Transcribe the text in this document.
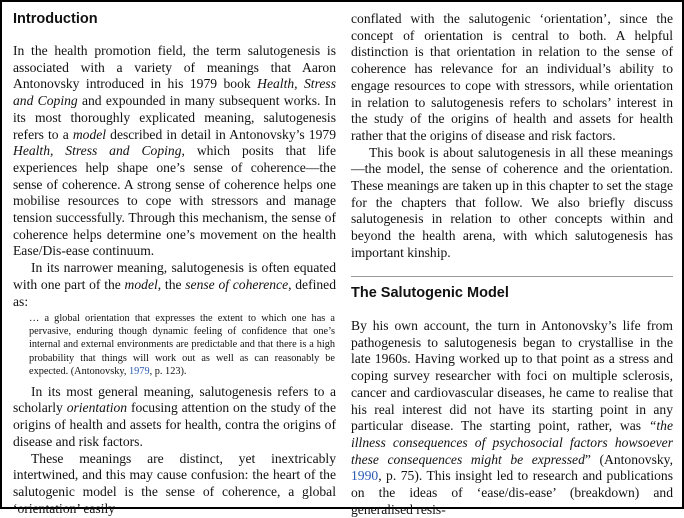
Introduction

In the health promotion field, the term salutogenesis is associated with a variety of meanings that Aaron Antonovsky introduced in his 1979 book Health, Stress and Coping and expounded in many subsequent works. In its most thoroughly explicated meaning, salutogenesis refers to a model described in detail in Antonovsky’s 1979 Health, Stress and Coping, which posits that life experiences help shape one’s sense of coherence—the sense of coherence. A strong sense of coherence helps one mobilise resources to cope with stressors and manage tension successfully. Through this mechanism, the sense of coherence helps determine one’s movement on the health Ease/Dis-ease continuum.

In its narrower meaning, salutogenesis is often equated with one part of the model, the sense of coherence, defined as:

… a global orientation that expresses the extent to which one has a pervasive, enduring though dynamic feeling of confidence that one’s internal and external environments are predictable and that there is a high probability that things will work out as well as can reasonably be expected. (Antonovsky, 1979, p. 123).

In its most general meaning, salutogenesis refers to a scholarly orientation focusing attention on the study of the origins of health and assets for health, contra the origins of disease and risk factors.

These meanings are distinct, yet inextricably intertwined, and this may cause confusion: the heart of the salutogenic model is the sense of coherence, a global ‘orientation’ easily

conflated with the salutogenic ‘orientation’, since the concept of orientation is central to both. A helpful distinction is that orientation in relation to the sense of coherence has relevance for an individual’s ability to engage resources to cope with stressors, while orientation in relation to salutogenesis refers to scholars’ interest in the study of the origins of health and assets for health rather that the origins of disease and risk factors.

This book is about salutogenesis in all these meanings—the model, the sense of coherence and the orientation. These meanings are taken up in this chapter to set the stage for the chapters that follow. We also briefly discuss salutogenesis in relation to other concepts within and beyond the health arena, with which salutogenesis has important kinship.

The Salutogenic Model

By his own account, the turn in Antonovsky’s life from pathogenesis to salutogenesis began to crystallise in the late 1960s. Having worked up to that point as a stress and coping survey researcher with foci on multiple sclerosis, cancer and cardiovascular diseases, he came to realise that his real interest did not have its starting point in any particular disease. The starting point, rather, was “the illness consequences of psychosocial factors howsoever these consequences might be expressed” (Antonovsky, 1990, p. 75). This insight led to research and publications on the ideas of ‘ease/dis-ease’ (breakdown) and generalised resis-
